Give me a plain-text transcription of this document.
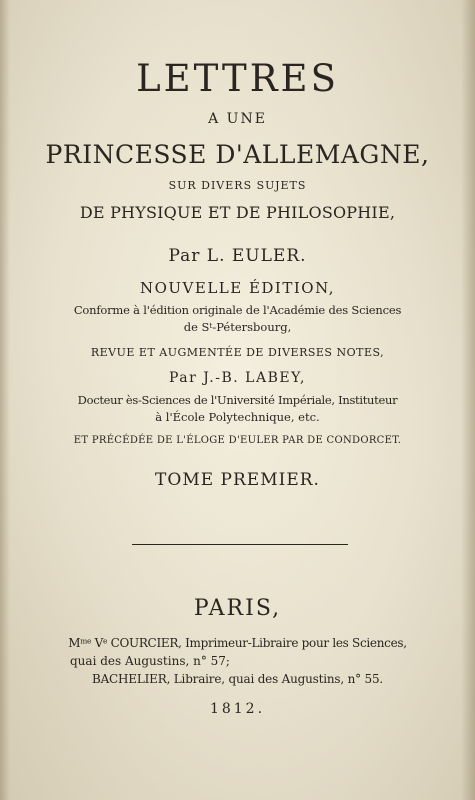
LETTRES
A UNE
PRINCESSE D'ALLEMAGNE,
SUR DIVERS SUJETS
DE PHYSIQUE ET DE PHILOSOPHIE,
Par L. EULER.
NOUVELLE ÉDITION,
Conforme à l'édition originale de l'Académie des Sciences
de $S^t$-Pétersbourg,
REVUE ET AUGMENTÉE DE DIVERSES NOTES,
Par J.-B. LABEY,
Docteur ès-Sciences de l'Université Impériale, Instituteur
à l'École Polytechnique, etc.
ET PRÉCÉDÉE DE L'ÉLOGE D'EULER PAR DE CONDORCET.
TOME PREMIER.
PARIS,
$M^{me}$ Ve COURCIER, Imprimeur-Libraire pour les Sciences,
quai des Augustins, n° 57;
BACHELIER, Libraire, quai des Augustins, n° 55.
1812.
